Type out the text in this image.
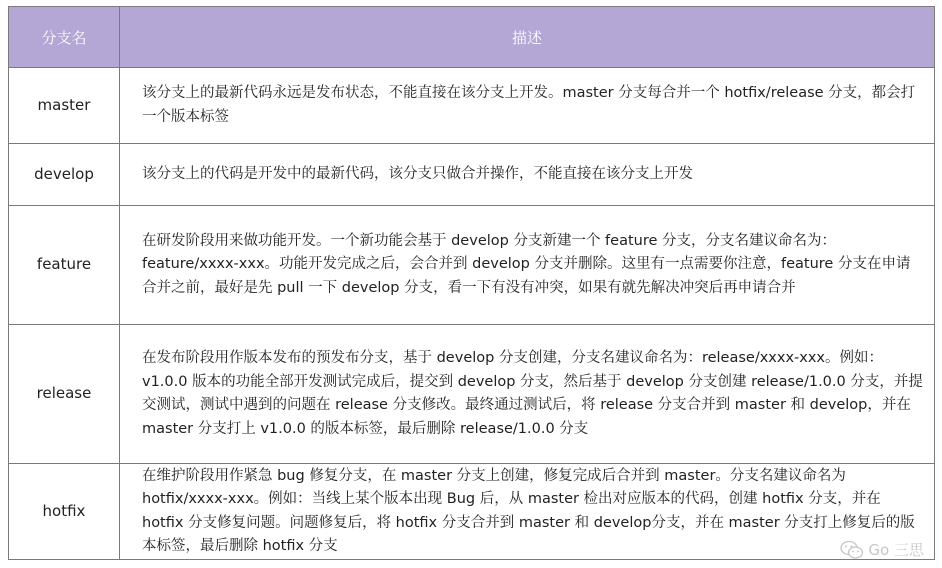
分支名	描述
master	该分支上的最新代码永远是发布状态，不能直接在该分支上开发。master 分支每合并一个 hotfix/release 分支，都会打一个版本标签
develop	该分支上的代码是开发中的最新代码，该分支只做合并操作，不能直接在该分支上开发
feature	在研发阶段用来做功能开发。一个新功能会基于 develop 分支新建一个 feature 分支，分支名建议命名为：feature/xxxx-xxx。功能开发完成之后，会合并到 develop 分支并删除。这里有一点需要你注意，feature 分支在申请合并之前，最好是先 pull 一下 develop 分支，看一下有没有冲突，如果有就先解决冲突后再申请合并
release	在发布阶段用作版本发布的预发布分支，基于 develop 分支创建，分支名建议命名为：release/xxxx-xxx。例如：v1.0.0 版本的功能全部开发测试完成后，提交到 develop 分支，然后基于 develop 分支创建 release/1.0.0 分支，并提交测试，测试中遇到的问题在 release 分支修改。最终通过测试后，将 release 分支合并到 master 和 develop，并在 master 分支打上 v1.0.0 的版本标签，最后删除 release/1.0.0 分支
hotfix	在维护阶段用作紧急 bug 修复分支，在 master 分支上创建，修复完成后合并到 master。分支名建议命名为hotfix/xxxx-xxx。例如：当线上某个版本出现 Bug 后，从 master 检出对应版本的代码，创建 hotfix 分支，并在 hotfix 分支修复问题。问题修复后，将 hotfix 分支合并到 master 和 develop分支，并在 master 分支打上修复后的版本标签，最后删除 hotfix 分支	Go 三思
